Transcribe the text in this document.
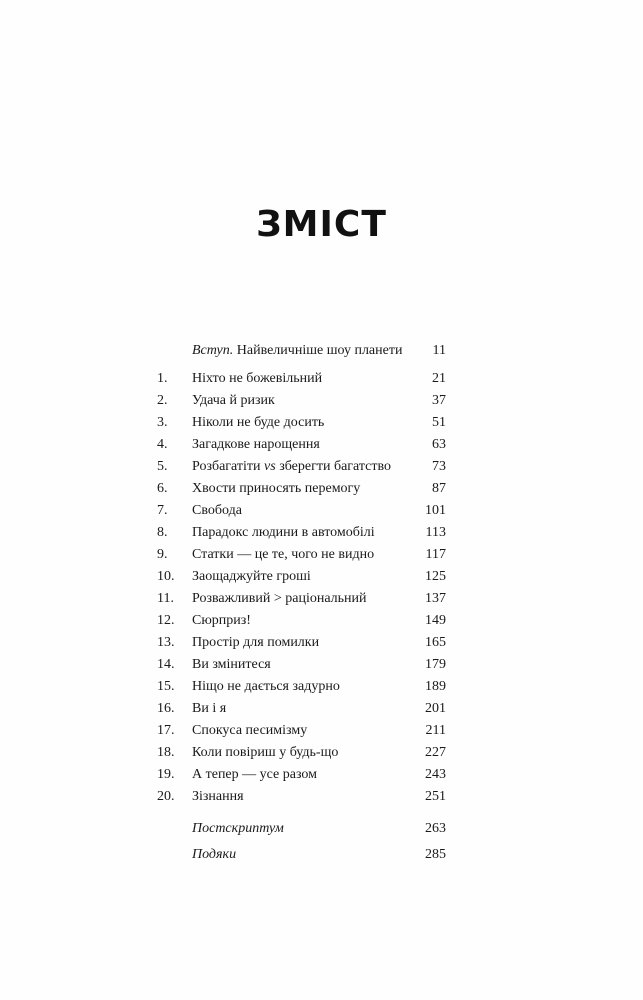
ЗМІСТ
Вступ. Найвеличніше шоу планети 11
1. Ніхто не божевільний	21
2. Удача й ризик	37
3. Ніколи не буде досить	51
4. Загадкове нарощення	63
5. Розбагатіти vs зберегти багатство	73
6. Хвости приносять перемогу	87
7. Свобода	101
8. Парадокс людини в автомобілі	113
9. Статки — це те, чого не видно	117
10. Заощаджуйте гроші	125
11. Розважливий > раціональний	137
12. Сюрприз!	149
13. Простір для помилки	165
14. Ви змінитеся	179
15. Ніщо не дається задурно	189
16. Ви і я	201
17. Спокуса песимізму	211
18. Коли повіриш у будь-що	227
19. А тепер — усе разом	243
20. Зізнання	251
Постскриптум	263
Подяки	285
